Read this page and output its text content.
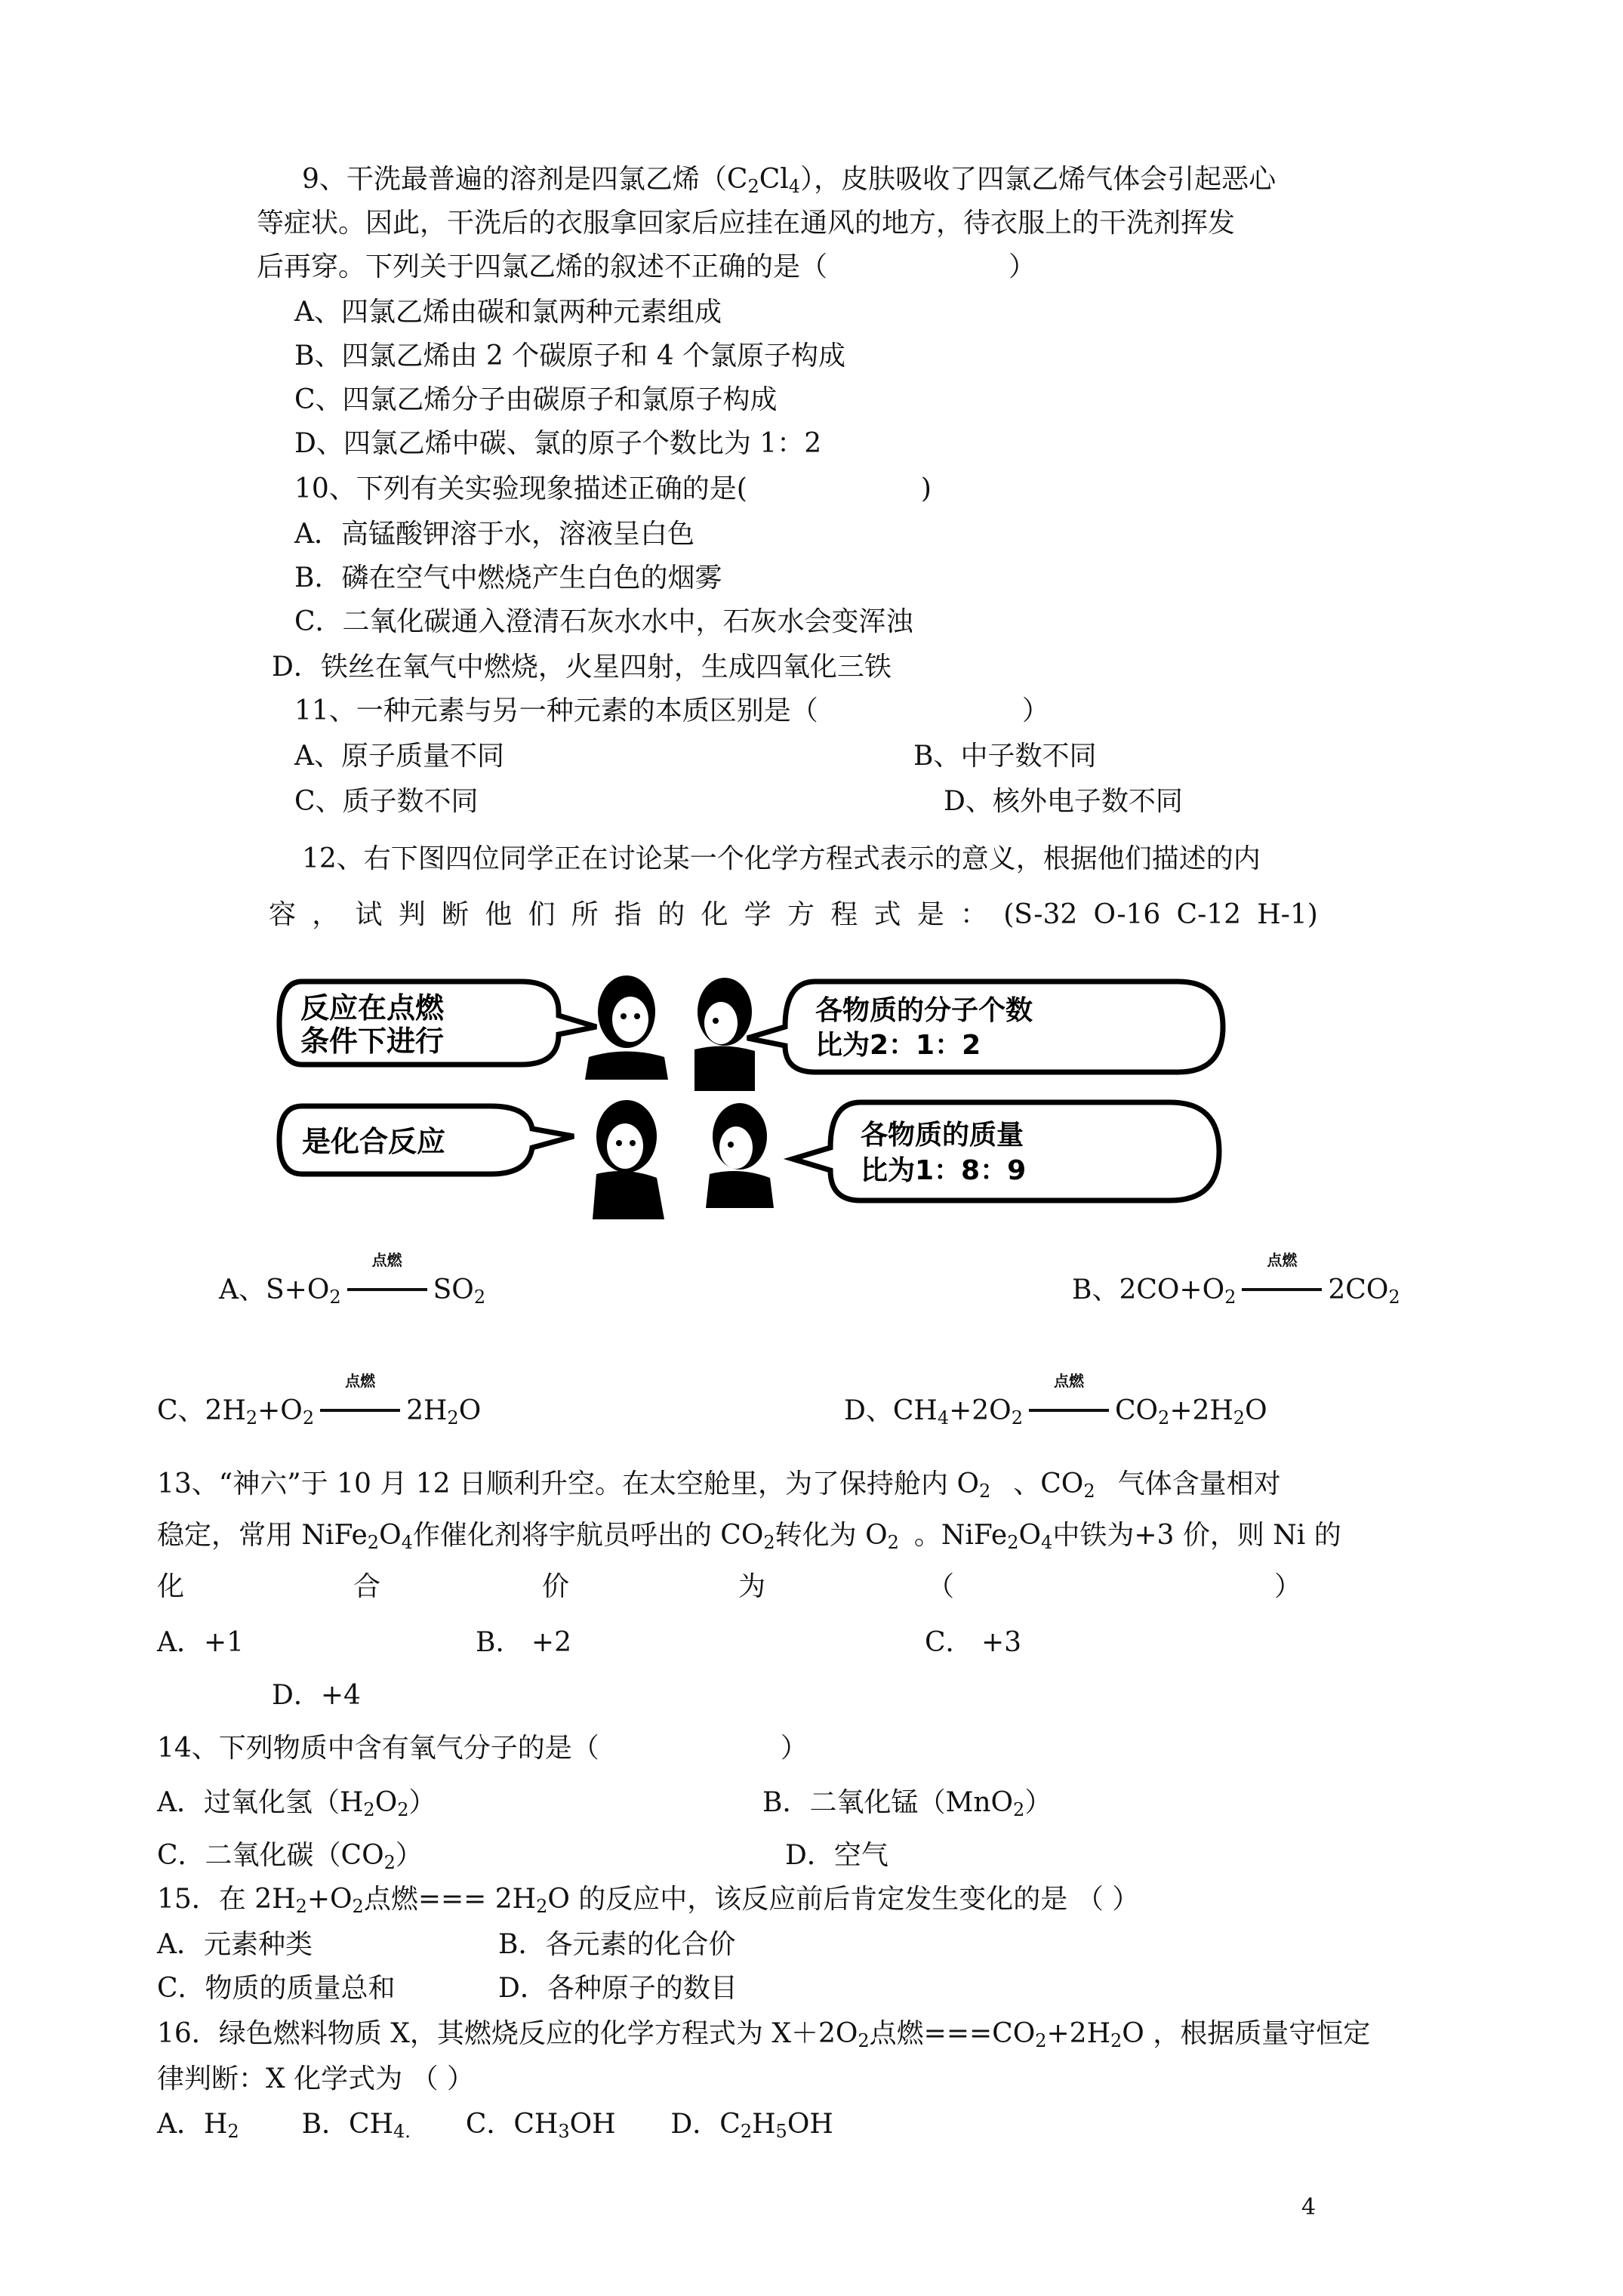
9、干洗最普遍的溶剂是四氯乙烯$(C_2Cl_4)$，皮肤吸收了四氯乙烯气体会引起恶心
等症状。因此，干洗后的衣服拿回家后应挂在通风的地方，待衣服上的干洗剂挥发
后再穿。下列关于四氯乙烯的叙述不正确的是（	）
A、四氯乙烯由碳和氯两种元素组成
B、四氯乙烯由 2 个碳原子和 4 个氯原子构成
C、四氯乙烯分子由碳原子和氯原子构成
D、四氯乙烯中碳、氯的原子个数比为 1：2
10、下列有关实验现象描述正确的是(	)
A．高锰酸钾溶于水，溶液呈白色
B．磷在空气中燃烧产生白色的烟雾
C．二氧化碳通入澄清石灰水水中，石灰水会变浑浊
D．铁丝在氧气中燃烧，火星四射，生成四氧化三铁
11、一种元素与另一种元素的本质区别是（	）
A、原子质量不同	B、中子数不同
C、质子数不同	D、核外电子数不同
12、右下图四位同学正在讨论某一个化学方程式表示的意义，根据他们描述的内
容 ， 试 判 断 他 们 所 指 的 化 学 方 程 式 是 ： (S-32 O-16 C-12 H-1)
反应在点燃
条件下进行
各物质的分子个数
比为2：1：2
是化合反应	各物质的质量
比为1：8：9
A、$S+O_2$
点燃
$SO_2$	B、$2CO+O_2$
点燃
$2CO_2$
C、$2H_2+O_2$
点燃
$2H_2O$	D、$CH_4+2O_2$
点燃
$CO_2+2H_2O$
13、“神六”于 10 月 12 日顺利升空。在太空舱里，为了保持舱内 $O_2$ 、$CO_2$ 气体含量相对
稳定，常用 $NiFe_2O_4$作催化剂将宇航员呼出的 $CO_2$转化为 $O_2$ 。$NiFe_2O_4$中铁为+3 价，则 Ni 的
化	合	价	为	（	）
A．+1	B． +2	C． +3
D．+4
14、下列物质中含有氧气分子的是（	）
A．过氧化氢$(H_2O_2)$	B．二氧化锰（MnO$_2$）
C．二氧化碳$(CO_2)$	D．空气
15．在 $2H_2+O_2$点燃=== $2H_2O$ 的反应中，该反应前后肯定发生变化的是 （ ）
A．元素种类	B．各元素的化合价
C．物质的质量总和	D．各种原子的数目
16．绿色燃料物质 X，其燃烧反应的化学方程式为 $X+2O_2$点燃$===CO_2+2H_2O$ ，根据质量守恒定
律判断：X 化学式为 （ ）
A．$H_2$ B．$CH_{4.}$ C．$CH_3OH$ D．$C_2H_5OH$
4
